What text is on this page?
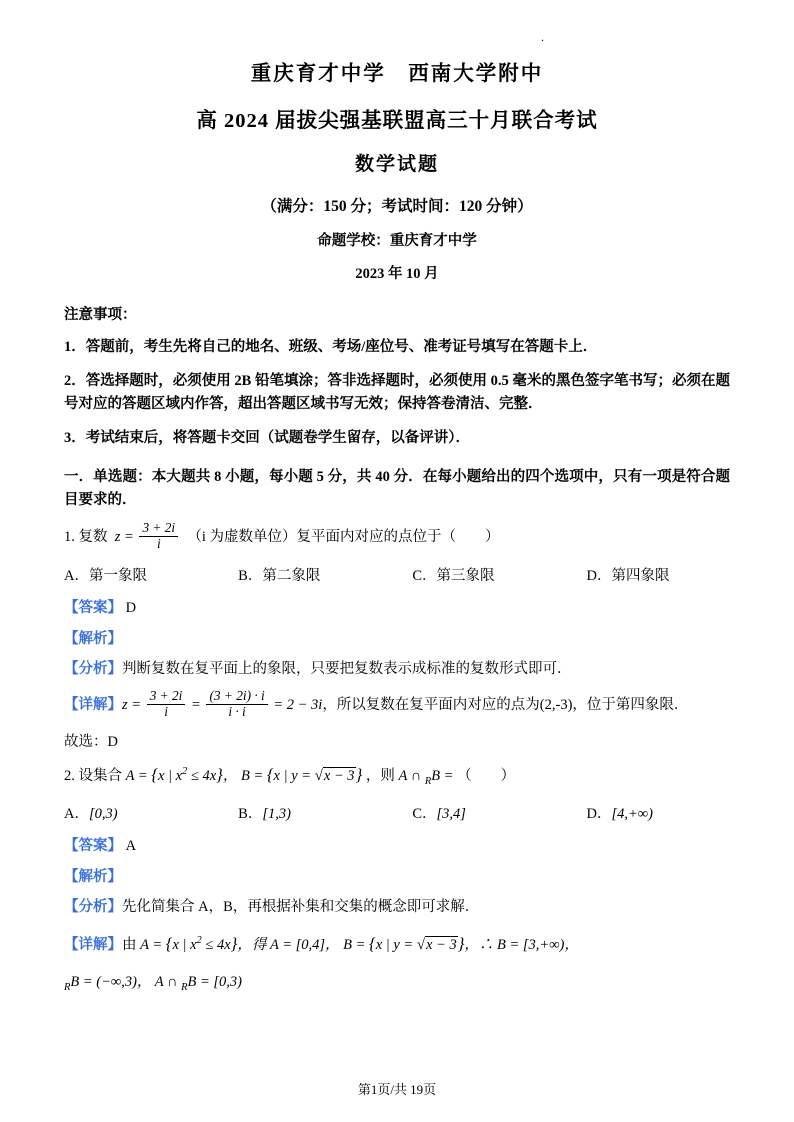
.
重庆育才中学　西南大学附中
高 2024 届拔尖强基联盟高三十月联合考试
数学试题
（满分：150 分；考试时间：120 分钟）
命题学校：重庆育才中学
2023 年 10 月
注意事项：
1．答题前，考生先将自己的地名、班级、考场/座位号、准考证号填写在答题卡上．
2．答选择题时，必须使用 2B 铅笔填涂；答非选择题时，必须使用 0.5 毫米的黑色签字笔书写；必须在题号对应的答题区域内作答，超出答题区域书写无效；保持答卷清洁、完整．
3．考试结束后，将答题卡交回（试题卷学生留存，以备评讲）．
一．单选题：本大题共 8 小题，每小题 5 分，共 40 分．在每小题给出的四个选项中，只有一项是符合题目要求的．
1. 复数  $z = \frac{3 + 2i}{i} (i$ 为虚数单位）复平面内对应的点位于（　　）
A．第一象限	B．第二象限	C．第三象限	D．第四象限
【答案】 D
【解析】
【分析】判断复数在复平面上的象限，只要把复数表示成标准的复数形式即可．
【详解】$z = \frac{3 + 2i}{i} = \frac{(3 + 2i) \cdot i}{i \cdot i} = 2 - 3i$，所以复数在复平面内对应的点为(2,-3)，位于第四象限．
故选：D
2. 设集合 A = {x | $x^2 \le 4x$}， B = {x | y = √x − 3} ，则 A ∩ $_R$B = （　　）
A．[0,3)	B．[1,3)	C．[3,4]	D．[4,+∞)
【答案】 A
【解析】
【分析】先化简集合 A，B，再根据补集和交集的概念即可求解．
【详解】由 A = {x | $x^2 \le 4x$}，得 A = [0,4]， B = {x | y = √x − 3}，∴ B = [3,+∞)，
$_R$B = (−∞,3)， A ∩ $_R$B = [0,3)
第1页/共 19页
